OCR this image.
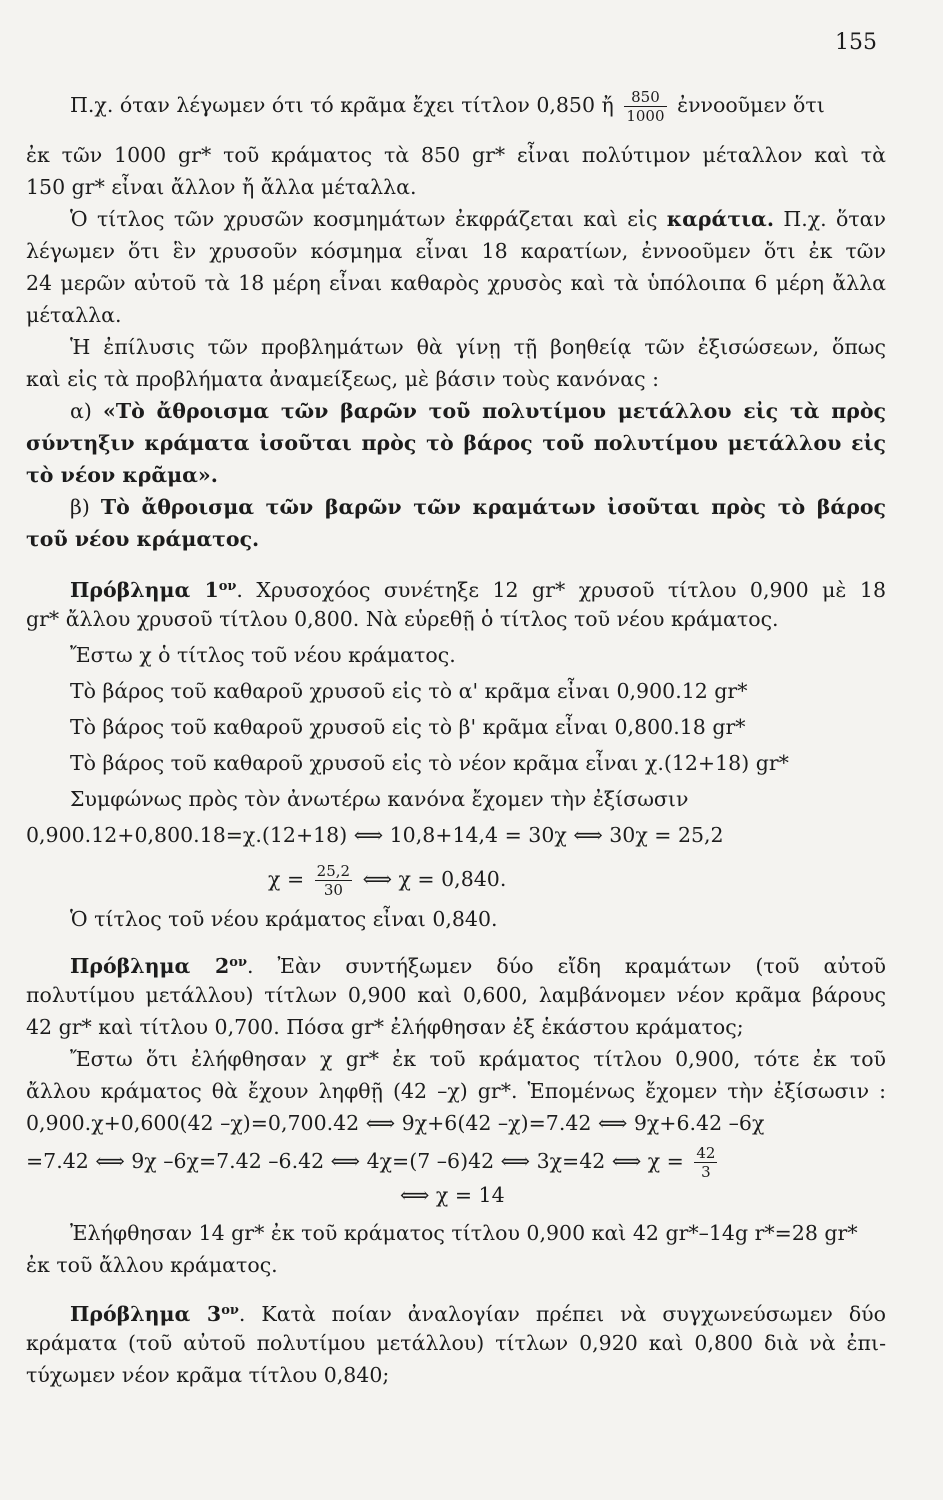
155
Π.χ. όταν λέγωμεν ότι τό κρᾶμα ἔχει τίτλον 0,850 ἤ $\frac{850}{1000}$ ἐννοοῦμεν ὅτι
ἐκ τῶν 1000 gr* τοῦ κράματος τὰ 850 gr* εἶναι πολύτιμον μέταλλον καὶ τὰ
150 gr* εἶναι ἄλλον ἤ ἄλλα μέταλλα.
Ὁ τίτλος τῶν χρυσῶν κοσμημάτων ἐκφράζεται καὶ εἰς καράτια. Π.χ. ὅταν
λέγωμεν ὅτι ἓν χρυσοῦν κόσμημα εἶναι 18 καρατίων, ἐννοοῦμεν ὅτι ἐκ τῶν
24 μερῶν αὐτοῦ τὰ 18 μέρη εἶναι καθαρὸς χρυσὸς καὶ τὰ ὑπόλοιπα 6 μέρη ἄλλα
μέταλλα.
Ἡ ἐπίλυσις τῶν προβλημάτων θὰ γίνῃ τῇ βοηθείᾳ τῶν ἐξισώσεων, ὅπως
καὶ εἰς τὰ προβλήματα ἀναμείξεως, μὲ βάσιν τοὺς κανόνας :
α) «Τὸ ἄθροισμα τῶν βαρῶν τοῦ πολυτίμου μετάλλου εἰς τὰ πρὸς
σύντηξιν κράματα ἰσοῦται πρὸς τὸ βάρος τοῦ πολυτίμου μετάλλου εἰς
τὸ νέον κρᾶμα».
β) Τὸ ἄθροισμα τῶν βαρῶν τῶν κραμάτων ἰσοῦται πρὸς τὸ βάρος
τοῦ νέου κράματος.
Πρόβλημα $1^{o\nu}$. Χρυσοχόος συνέτηξε 12 gr* χρυσοῦ τίτλου 0,900 μὲ 18
gr* ἄλλου χρυσοῦ τίτλου 0,800. Νὰ εὑρεθῇ ὁ τίτλος τοῦ νέου κράματος.
Ἔστω χ ὁ τίτλος τοῦ νέου κράματος.
Τὸ βάρος τοῦ καθαροῦ χρυσοῦ εἰς τὸ α' κρᾶμα εἶναι 0,900.12 gr*
Τὸ βάρος τοῦ καθαροῦ χρυσοῦ εἰς τὸ β' κρᾶμα εἶναι 0,800.18 gr*
Τὸ βάρος τοῦ καθαροῦ χρυσοῦ εἰς τὸ νέον κρᾶμα εἶναι χ.(12+18) gr*
Συμφώνως πρὸς τὸν ἀνωτέρω κανόνα ἔχομεν τὴν ἐξίσωσιν
0,900.12+0,800.18=χ.(12+18) ⟺ 10,8+14,4 = 30χ ⟺ 30χ = 25,2
$\chi = \frac{25,2}{30}$ ⟺ χ = 0,840.
Ὁ τίτλος τοῦ νέου κράματος εἶναι 0,840.
Πρόβλημα $2^{o\nu}$. Ἐὰν συντήξωμεν δύο εἴδη κραμάτων (τοῦ αὐτοῦ
πολυτίμου μετάλλου) τίτλων 0,900 καὶ 0,600, λαμβάνομεν νέον κρᾶμα βάρους
42 gr* καὶ τίτλου 0,700. Πόσα gr* ἐλήφθησαν ἐξ ἑκάστου κράματος;
Ἔστω ὅτι ἐλήφθησαν χ gr* ἐκ τοῦ κράματος τίτλου 0,900, τότε ἐκ τοῦ
ἄλλου κράματος θὰ ἔχουν ληφθῇ (42 –χ) gr*. Ἑπομένως ἔχομεν τὴν ἐξίσωσιν :
0,900.χ+0,600(42 –χ)=0,700.42 ⟺ 9χ+6(42 –χ)=7.42 ⟺ 9χ+6.42 –6χ
=7.42 ⟺ 9χ –6χ=7.42 –6.42 ⟺ 4χ=(7 –6)42 ⟺ 3χ=42 ⟺ $\chi = \frac{42}{3}$
⟺ χ = 14
Ἐλήφθησαν 14 gr* ἐκ τοῦ κράματος τίτλου 0,900 καὶ 42 gr*–14g r*=28 gr*
ἐκ τοῦ ἄλλου κράματος.
Πρόβλημα $3^{o\nu}$. Κατὰ ποίαν ἀναλογίαν πρέπει νὰ συγχωνεύσωμεν δύο
κράματα (τοῦ αὐτοῦ πολυτίμου μετάλλου) τίτλων 0,920 καὶ 0,800 διὰ νὰ ἐπι-
τύχωμεν νέον κρᾶμα τίτλου 0,840;
